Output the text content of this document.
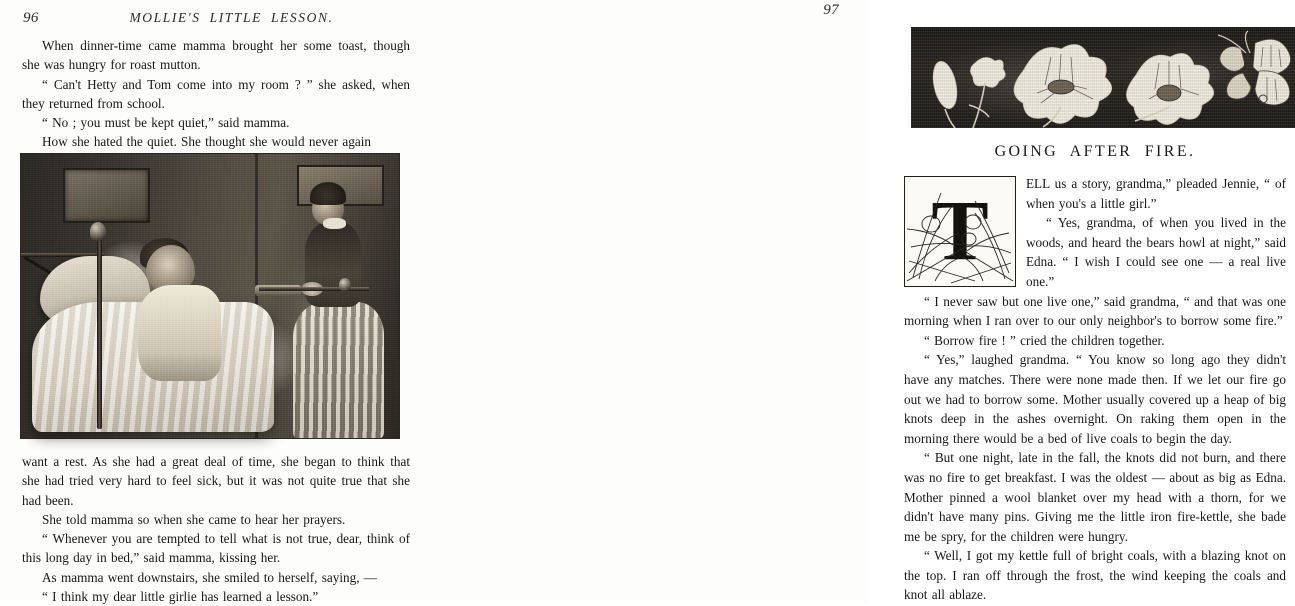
96	MOLLIE'S LITTLE LESSON.

When dinner-time came mamma brought her some toast, though she was hungry for roast mutton.

“ Can't Hetty and Tom come into my room ? ” she asked, when they returned from school.

“ No ; you must be kept quiet,” said mamma.

How she hated the quiet. She thought she would never again

want a rest. As she had a great deal of time, she began to think that she had tried very hard to feel sick, but it was not quite true that she had been.

She told mamma so when she came to hear her prayers.

“ Whenever you are tempted to tell what is not true, dear, think of this long day in bed,” said mamma, kissing her.

As mamma went downstairs, she smiled to herself, saying, —

“ I think my dear little girlie has learned a lesson.”

97
GOING AFTER FIRE.
T	ELL us a story, grandma,” pleaded Jennie, “ of when you's a little girl.”

“ Yes, grandma, of when you lived in the woods, and heard the bears howl at night,” said Edna. “ I wish I could see one — a real live one.”

“ I never saw but one live one,” said grandma, “ and that was one morning when I ran over to our only neighbor's to borrow some fire.”

“ Borrow fire ! ” cried the children together.

“ Yes,” laughed grandma. “ You know so long ago they didn't have any matches. There were none made then. If we let our fire go out we had to borrow some. Mother usually covered up a heap of big knots deep in the ashes overnight. On raking them open in the morning there would be a bed of live coals to begin the day.

“ But one night, late in the fall, the knots did not burn, and there was no fire to get breakfast. I was the oldest — about as big as Edna. Mother pinned a wool blanket over my head with a thorn, for we didn't have many pins. Giving me the little iron fire-kettle, she bade me be spry, for the children were hungry.

“ Well, I got my kettle full of bright coals, with a blazing knot on the top. I ran off through the frost, the wind keeping the coals and knot all ablaze.
